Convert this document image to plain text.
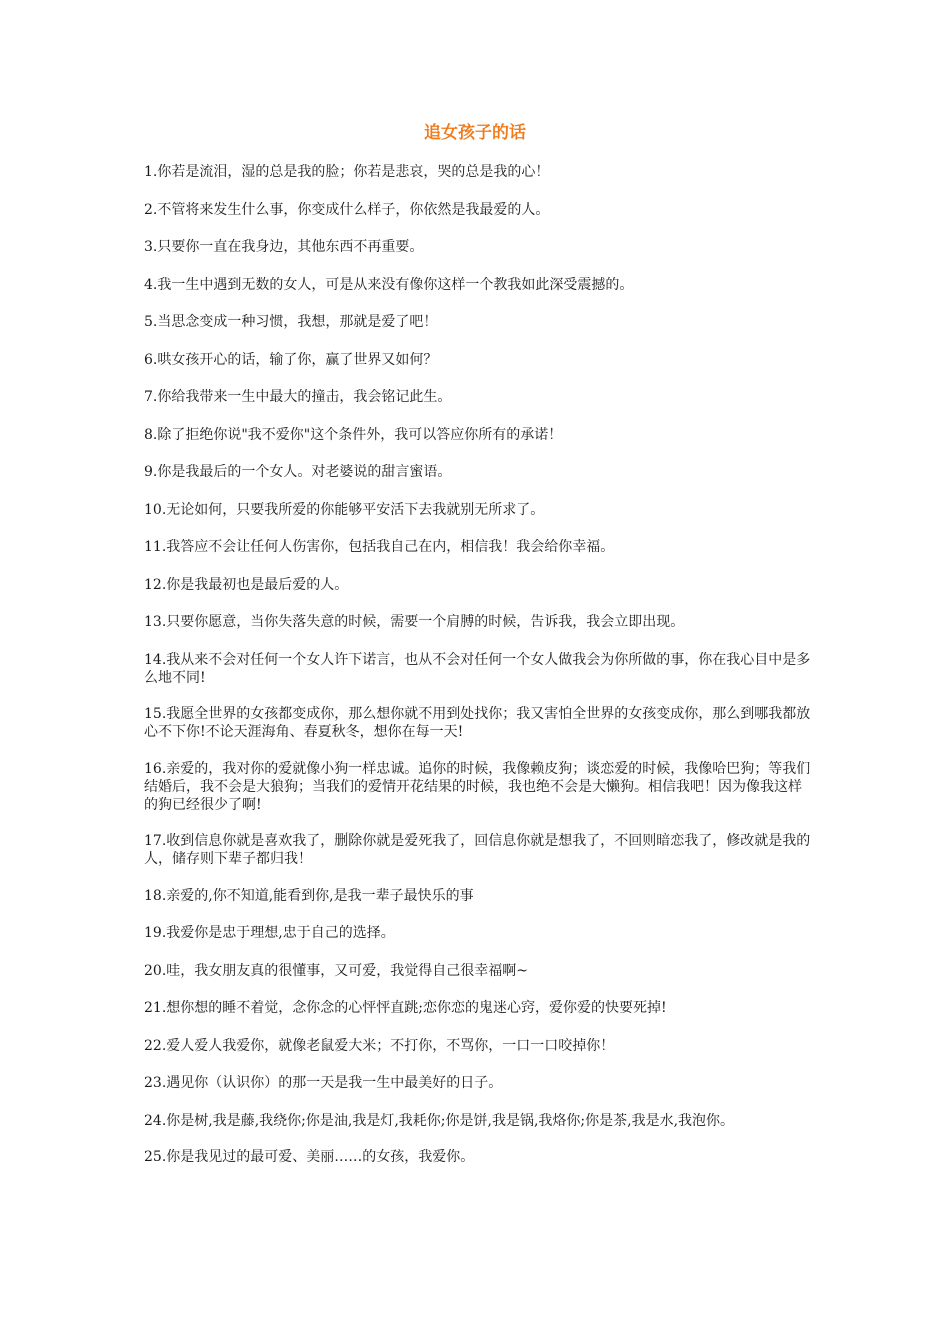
追女孩子的话

1.你若是流泪，湿的总是我的脸；你若是悲哀，哭的总是我的心！

2.不管将来发生什么事，你变成什么样子，你依然是我最爱的人。

3.只要你一直在我身边，其他东西不再重要。

4.我一生中遇到无数的女人，可是从来没有像你这样一个教我如此深受震撼的。

5.当思念变成一种习惯，我想，那就是爱了吧！

6.哄女孩开心的话，输了你，赢了世界又如何？

7.你给我带来一生中最大的撞击，我会铭记此生。

8.除了拒绝你说"我不爱你"这个条件外，我可以答应你所有的承诺！

9.你是我最后的一个女人。对老婆说的甜言蜜语。

10.无论如何，只要我所爱的你能够平安活下去我就别无所求了。

11.我答应不会让任何人伤害你，包括我自己在内，相信我！我会给你幸福。

12.你是我最初也是最后爱的人。

13.只要你愿意，当你失落失意的时候，需要一个肩膊的时候，告诉我，我会立即出现。

14.我从来不会对任何一个女人许下诺言，也从不会对任何一个女人做我会为你所做的事，你在我心目中是多么地不同!

15.我愿全世界的女孩都变成你，那么想你就不用到处找你；我又害怕全世界的女孩变成你，那么到哪我都放心不下你!不论天涯海角、春夏秋冬，想你在每一天!

16.亲爱的，我对你的爱就像小狗一样忠诚。追你的时候，我像赖皮狗；谈恋爱的时候，我像哈巴狗；等我们结婚后，我不会是大狼狗；当我们的爱情开花结果的时候，我也绝不会是大懒狗。相信我吧！因为像我这样的狗已经很少了啊!

17.收到信息你就是喜欢我了，删除你就是爱死我了，回信息你就是想我了，不回则暗恋我了，修改就是我的人，储存则下辈子都归我！

18.亲爱的,你不知道,能看到你,是我一辈子最快乐的事

19.我爱你是忠于理想,忠于自己的选择。

20.哇，我女朋友真的很懂事，又可爱，我觉得自己很幸福啊~

21.想你想的睡不着觉，念你念的心怦怦直跳;恋你恋的鬼迷心窍，爱你爱的快要死掉!

22.爱人爱人我爱你，就像老鼠爱大米；不打你，不骂你，一口一口咬掉你！

23.遇见你（认识你）的那一天是我一生中最美好的日子。

24.你是树,我是藤,我绕你;你是油,我是灯,我耗你;你是饼,我是锅,我烙你;你是茶,我是水,我泡你。

25.你是我见过的最可爱、美丽……的女孩，我爱你。
